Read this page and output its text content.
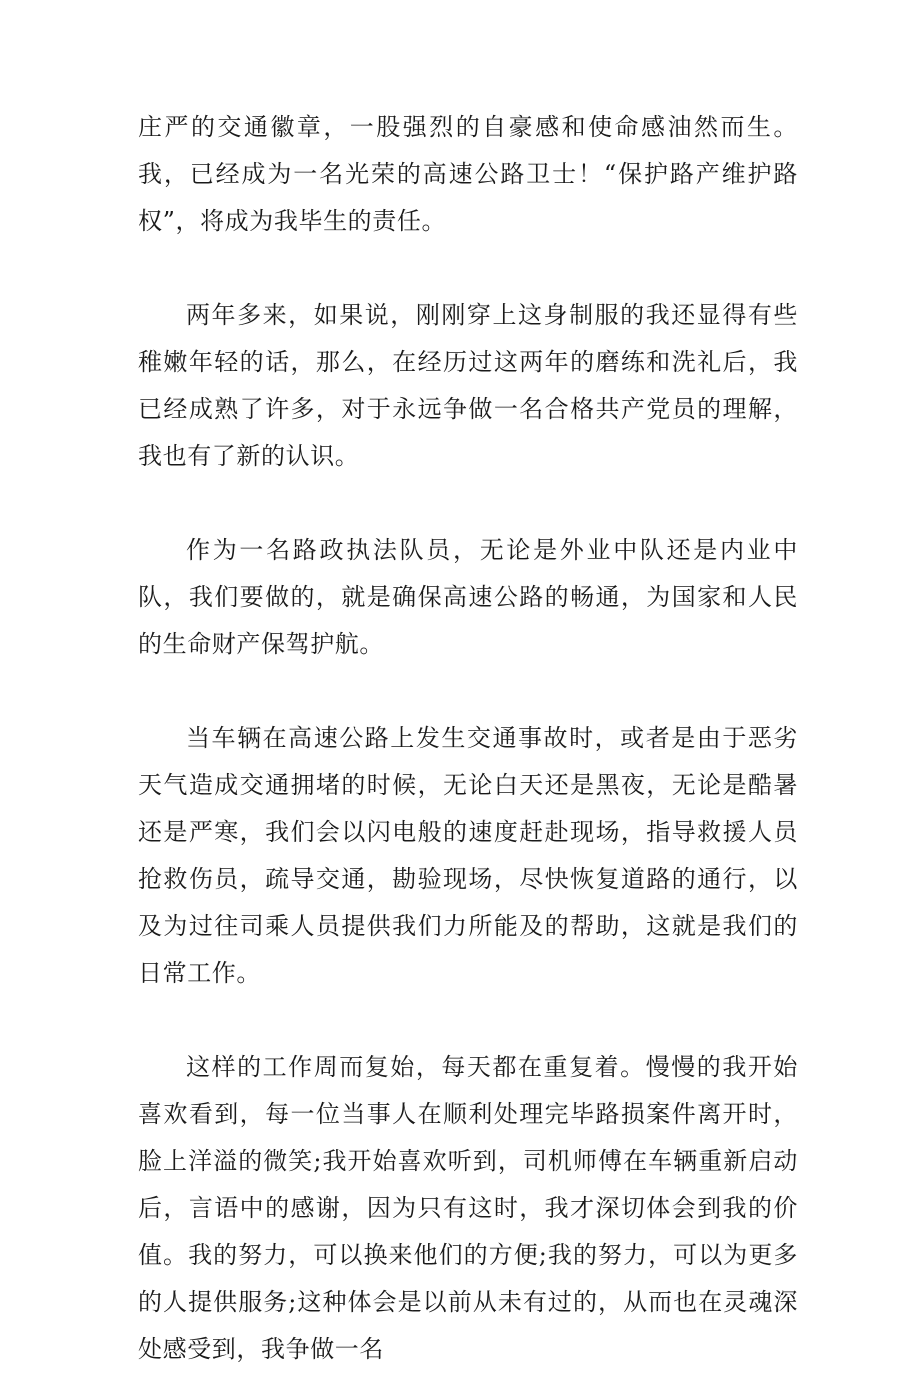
庄严的交通徽章，一股强烈的自豪感和使命感油然而生。我，已经成为一名光荣的高速公路卫士！“保护路产维护路权”，将成为我毕生的责任。

两年多来，如果说，刚刚穿上这身制服的我还显得有些稚嫩年轻的话，那么，在经历过这两年的磨练和洗礼后，我已经成熟了许多，对于永远争做一名合格共产党员的理解，我也有了新的认识。

作为一名路政执法队员，无论是外业中队还是内业中队，我们要做的，就是确保高速公路的畅通，为国家和人民的生命财产保驾护航。

当车辆在高速公路上发生交通事故时，或者是由于恶劣天气造成交通拥堵的时候，无论白天还是黑夜，无论是酷暑还是严寒，我们会以闪电般的速度赶赴现场，指导救援人员抢救伤员，疏导交通，勘验现场，尽快恢复道路的通行，以及为过往司乘人员提供我们力所能及的帮助，这就是我们的日常工作。

这样的工作周而复始，每天都在重复着。慢慢的我开始喜欢看到，每一位当事人在顺利处理完毕路损案件离开时，脸上洋溢的微笑;我开始喜欢听到，司机师傅在车辆重新启动后，言语中的感谢，因为只有这时，我才深切体会到我的价值。我的努力，可以换来他们的方便;我的努力，可以为更多的人提供服务;这种体会是以前从未有过的，从而也在灵魂深处感受到，我争做一名
